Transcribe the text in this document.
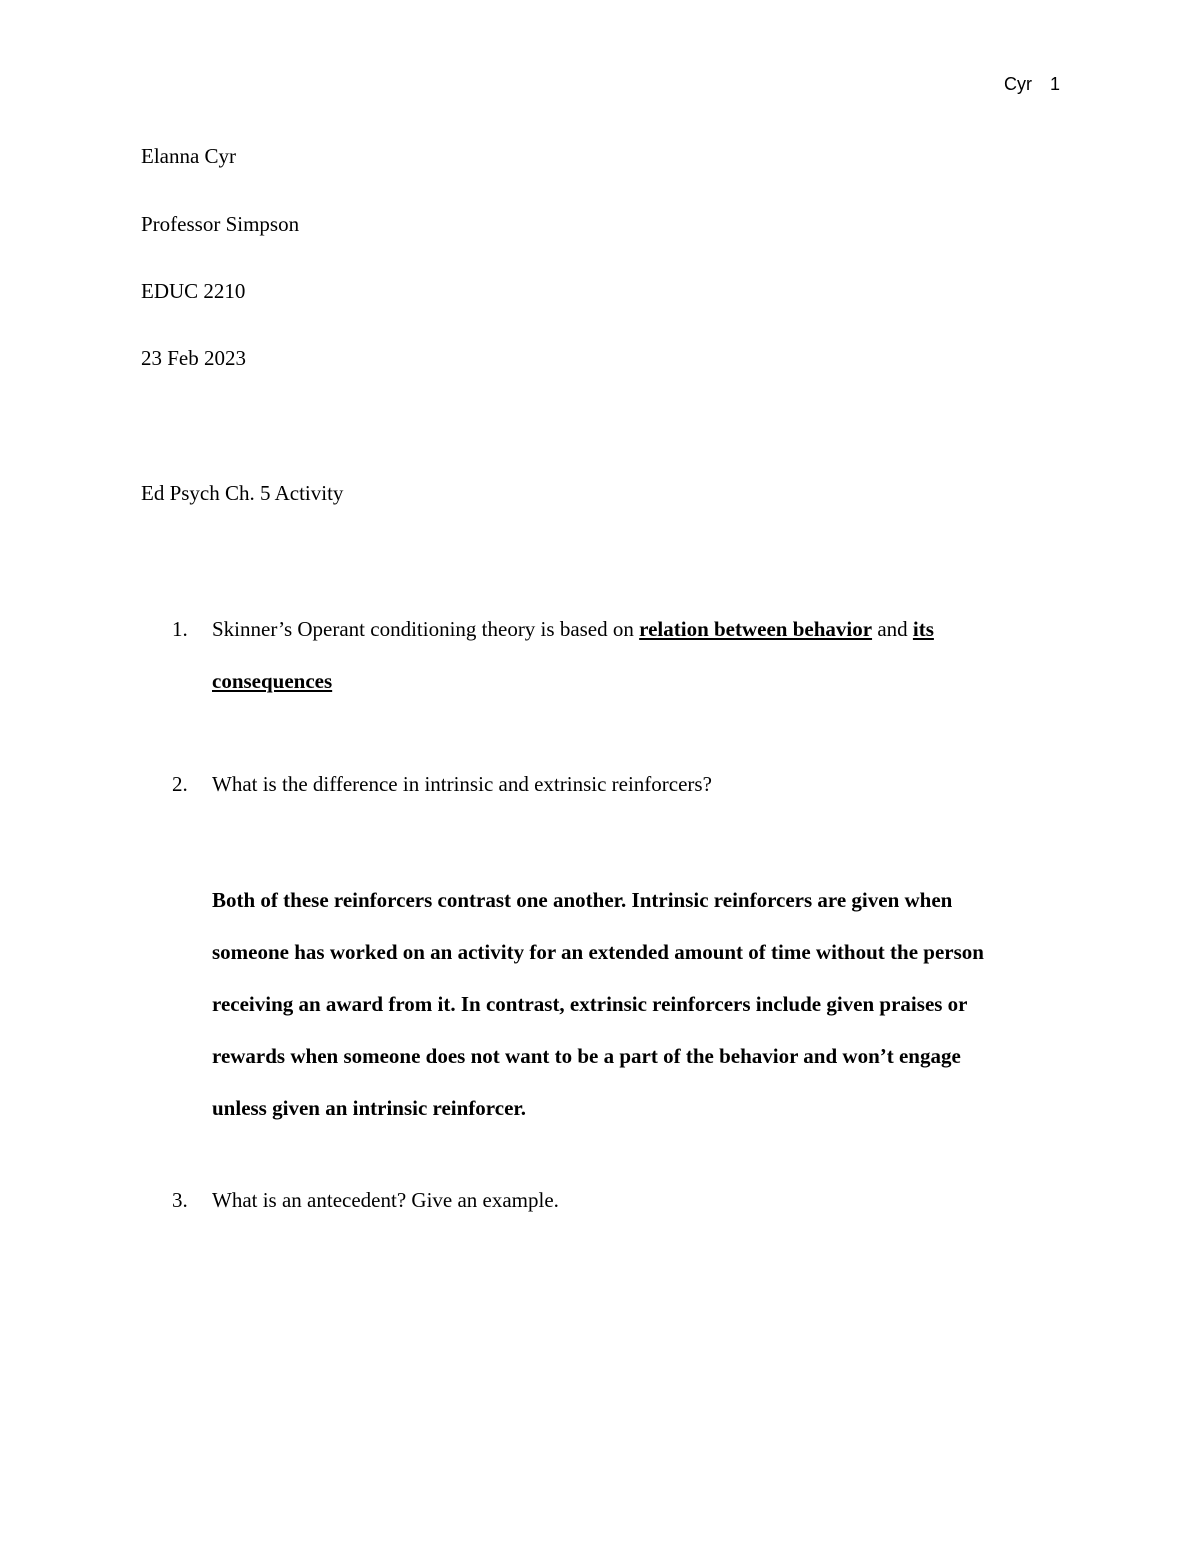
Cyr 1
Elanna Cyr
Professor Simpson
EDUC 2210
23 Feb 2023
Ed Psych Ch. 5 Activity
1. Skinner’s Operant conditioning theory is based on relation between behavior and its
consequences
2. What is the difference in intrinsic and extrinsic reinforcers?
Both of these reinforcers contrast one another. Intrinsic reinforcers are given when
someone has worked on an activity for an extended amount of time without the person
receiving an award from it. In contrast, extrinsic reinforcers include given praises or
rewards when someone does not want to be a part of the behavior and won’t engage
unless given an intrinsic reinforcer.
3. What is an antecedent? Give an example.
